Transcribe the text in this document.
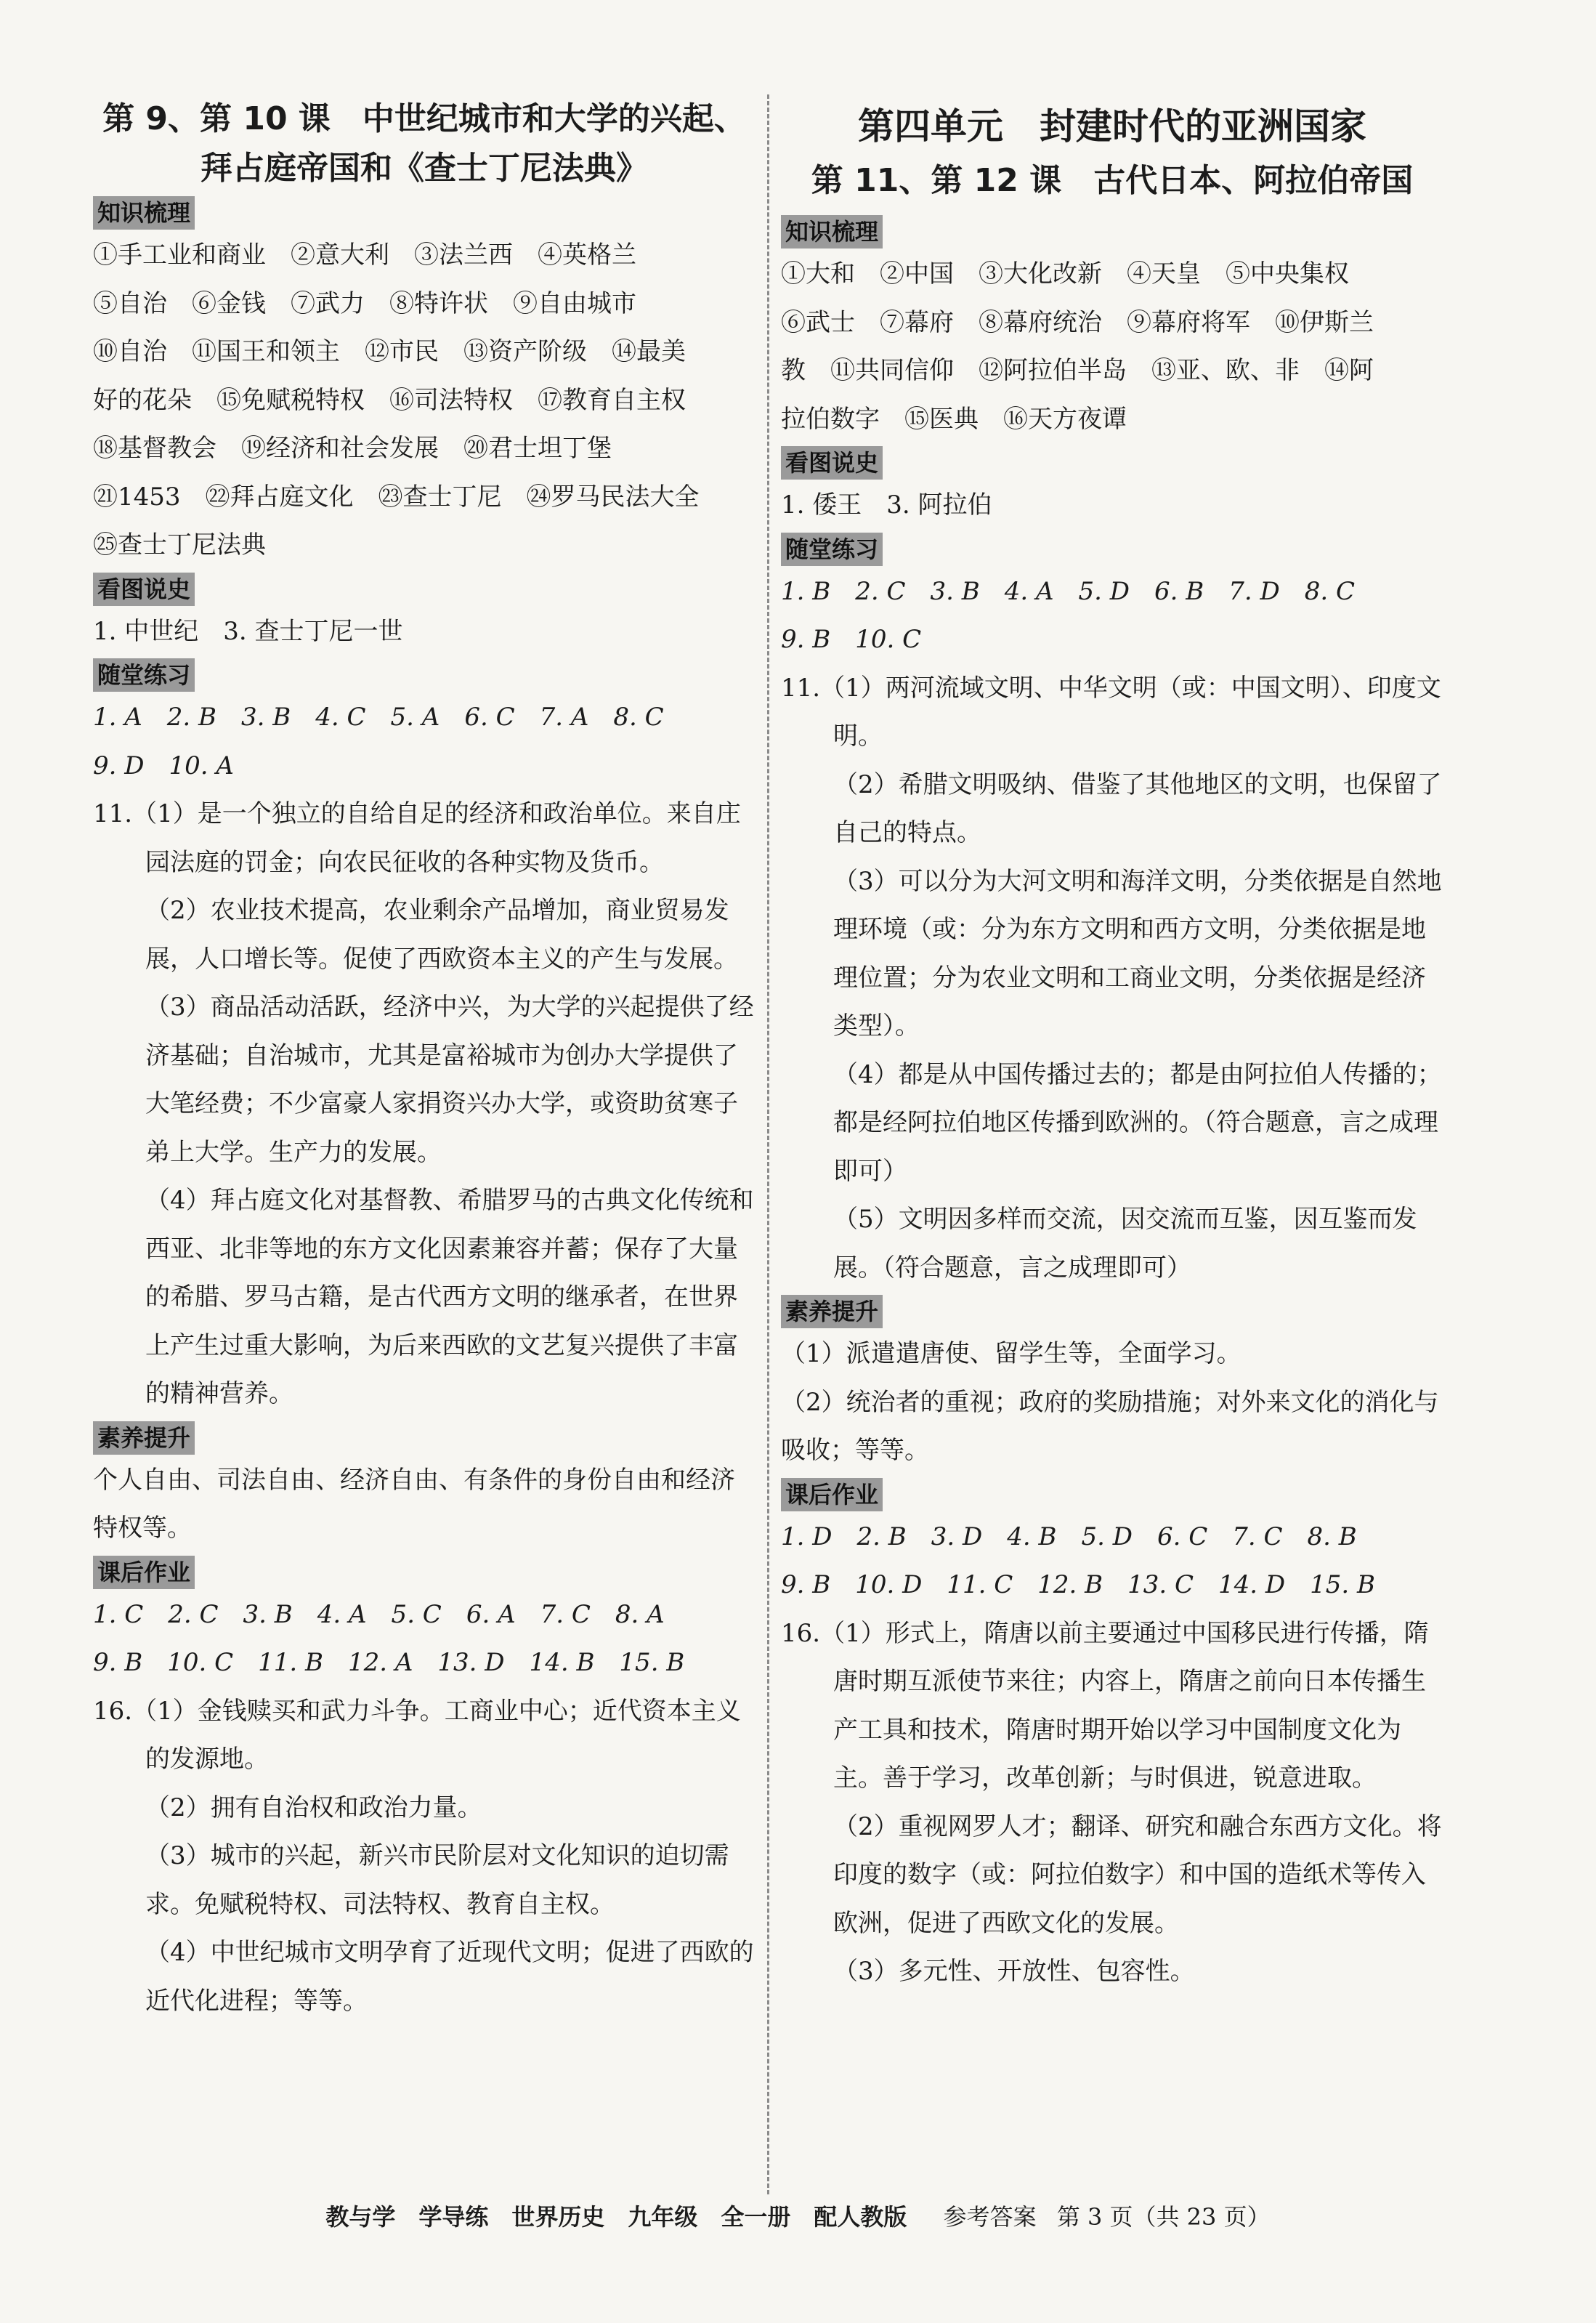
第 9、第 10 课　中世纪城市和大学的兴起、
拜占庭帝国和《查士丁尼法典》
知识梳理
①手工业和商业　②意大利　③法兰西　④英格兰
⑤自治　⑥金钱　⑦武力　⑧特许状　⑨自由城市
⑩自治　⑪国王和领主　⑫市民　⑬资产阶级　⑭最美
好的花朵　⑮免赋税特权　⑯司法特权　⑰教育自主权
⑱基督教会　⑲经济和社会发展　⑳君士坦丁堡
㉑1453　㉒拜占庭文化　㉓查士丁尼　㉔罗马民法大全
㉕查士丁尼法典
看图说史
1. 中世纪　3. 查士丁尼一世
随堂练习
1. A　2. B　3. B　4. C　5. A　6. C　7. A　8. C
9. D　10. A
11.（1）是一个独立的自给自足的经济和政治单位。来自庄园法庭的罚金；向农民征收的各种实物及货币。
（2）农业技术提高，农业剩余产品增加，商业贸易发展，人口增长等。促使了西欧资本主义的产生与发展。
（3）商品活动活跃，经济中兴，为大学的兴起提供了经济基础；自治城市，尤其是富裕城市为创办大学提供了大笔经费；不少富豪人家捐资兴办大学，或资助贫寒子弟上大学。生产力的发展。
（4）拜占庭文化对基督教、希腊罗马的古典文化传统和西亚、北非等地的东方文化因素兼容并蓄；保存了大量的希腊、罗马古籍，是古代西方文明的继承者，在世界上产生过重大影响，为后来西欧的文艺复兴提供了丰富的精神营养。
素养提升
个人自由、司法自由、经济自由、有条件的身份自由和经济特权等。
课后作业
1. C　2. C　3. B　4. A　5. C　6. A　7. C　8. A
9. B　10. C　11. B　12. A　13. D　14. B　15. B
16.（1）金钱赎买和武力斗争。工商业中心；近代资本主义的发源地。
（2）拥有自治权和政治力量。
（3）城市的兴起，新兴市民阶层对文化知识的迫切需求。免赋税特权、司法特权、教育自主权。
（4）中世纪城市文明孕育了近现代文明；促进了西欧的近代化进程；等等。
第四单元　封建时代的亚洲国家
第 11、第 12 课　古代日本、阿拉伯帝国
知识梳理
①大和　②中国　③大化改新　④天皇　⑤中央集权
⑥武士　⑦幕府　⑧幕府统治　⑨幕府将军　⑩伊斯兰
教　⑪共同信仰　⑫阿拉伯半岛　⑬亚、欧、非　⑭阿
拉伯数字　⑮医典　⑯天方夜谭
看图说史
1. 倭王　3. 阿拉伯
随堂练习
1. B　2. C　3. B　4. A　5. D　6. B　7. D　8. C
9. B　10. C
11.（1）两河流域文明、中华文明（或：中国文明）、印度文明。
（2）希腊文明吸纳、借鉴了其他地区的文明，也保留了自己的特点。
（3）可以分为大河文明和海洋文明，分类依据是自然地理环境（或：分为东方文明和西方文明，分类依据是地理位置；分为农业文明和工商业文明，分类依据是经济类型）。
（4）都是从中国传播过去的；都是由阿拉伯人传播的；都是经阿拉伯地区传播到欧洲的。（符合题意，言之成理即可）
（5）文明因多样而交流，因交流而互鉴，因互鉴而发展。（符合题意，言之成理即可）
素养提升
（1）派遣遣唐使、留学生等，全面学习。
（2）统治者的重视；政府的奖励措施；对外来文化的消化与吸收；等等。
课后作业
1. D　2. B　3. D　4. B　5. D　6. C　7. C　8. B
9. B　10. D　11. C　12. B　13. C　14. D　15. B
16.（1）形式上，隋唐以前主要通过中国移民进行传播，隋唐时期互派使节来往；内容上，隋唐之前向日本传播生产工具和技术，隋唐时期开始以学习中国制度文化为主。善于学习，改革创新；与时俱进，锐意进取。
（2）重视网罗人才；翻译、研究和融合东西方文化。将印度的数字（或：阿拉伯数字）和中国的造纸术等传入欧洲，促进了西欧文化的发展。
（3）多元性、开放性、包容性。
教与学　学导练　世界历史　九年级　全一册　配人教版 参考答案 第 3 页（共 23 页）
